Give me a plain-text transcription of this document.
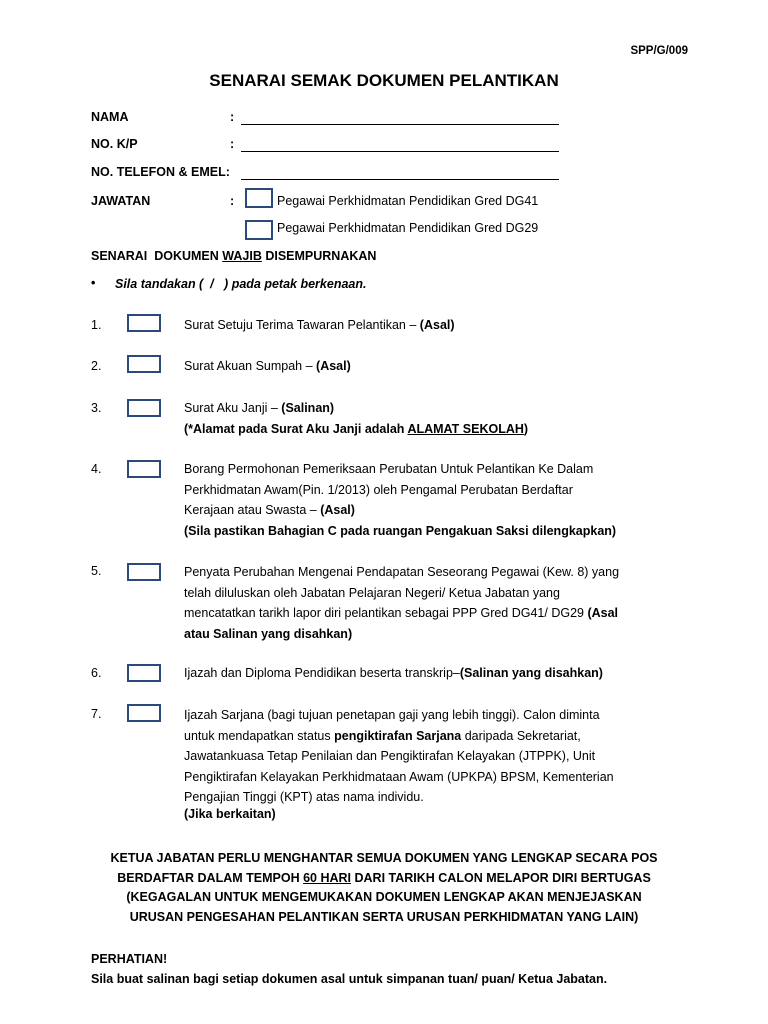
SPP/G/009
SENARAI SEMAK DOKUMEN PELANTIKAN
NAMA	:
NO. K/P	:
NO. TELEFON & EMEL:
JAWATAN	:	Pegawai Perkhidmatan Pendidikan Gred DG41
Pegawai Perkhidmatan Pendidikan Gred DG29
SENARAI  DOKUMEN WAJIB DISEMPURNAKAN
• Sila tandakan (  /   ) pada petak berkenaan.
1.	Surat Setuju Terima Tawaran Pelantikan – (Asal)
2.	Surat Akuan Sumpah – (Asal)
3.	Surat Aku Janji – (Salinan)
(*Alamat pada Surat Aku Janji adalah ALAMAT SEKOLAH)
4.	Borang Permohonan Pemeriksaan Perubatan Untuk Pelantikan Ke Dalam
Perkhidmatan Awam(Pin. 1/2013) oleh Pengamal Perubatan Berdaftar
Kerajaan atau Swasta – (Asal)
(Sila pastikan Bahagian C pada ruangan Pengakuan Saksi dilengkapkan)
5.	Penyata Perubahan Mengenai Pendapatan Seseorang Pegawai (Kew. 8) yang
telah diluluskan oleh Jabatan Pelajaran Negeri/ Ketua Jabatan yang
mencatatkan tarikh lapor diri pelantikan sebagai PPP Gred DG41/ DG29 (Asal
atau Salinan yang disahkan)
6.	Ijazah dan Diploma Pendidikan beserta transkrip–(Salinan yang disahkan)
7.	Ijazah Sarjana (bagi tujuan penetapan gaji yang lebih tinggi). Calon diminta
untuk mendapatkan status pengiktirafan Sarjana daripada Sekretariat,
Jawatankuasa Tetap Penilaian dan Pengiktirafan Kelayakan (JTPPK), Unit
Pengiktirafan Kelayakan Perkhidmataan Awam (UPKPA) BPSM, Kementerian
Pengajian Tinggi (KPT) atas nama individu.
(Jika berkaitan)
KETUA JABATAN PERLU MENGHANTAR SEMUA DOKUMEN YANG LENGKAP SECARA POS
BERDAFTAR DALAM TEMPOH 60 HARI DARI TARIKH CALON MELAPOR DIRI BERTUGAS
(KEGAGALAN UNTUK MENGEMUKAKAN DOKUMEN LENGKAP AKAN MENJEJASKAN
URUSAN PENGESAHAN PELANTIKAN SERTA URUSAN PERKHIDMATAN YANG LAIN)
PERHATIAN!
Sila buat salinan bagi setiap dokumen asal untuk simpanan tuan/ puan/ Ketua Jabatan.
